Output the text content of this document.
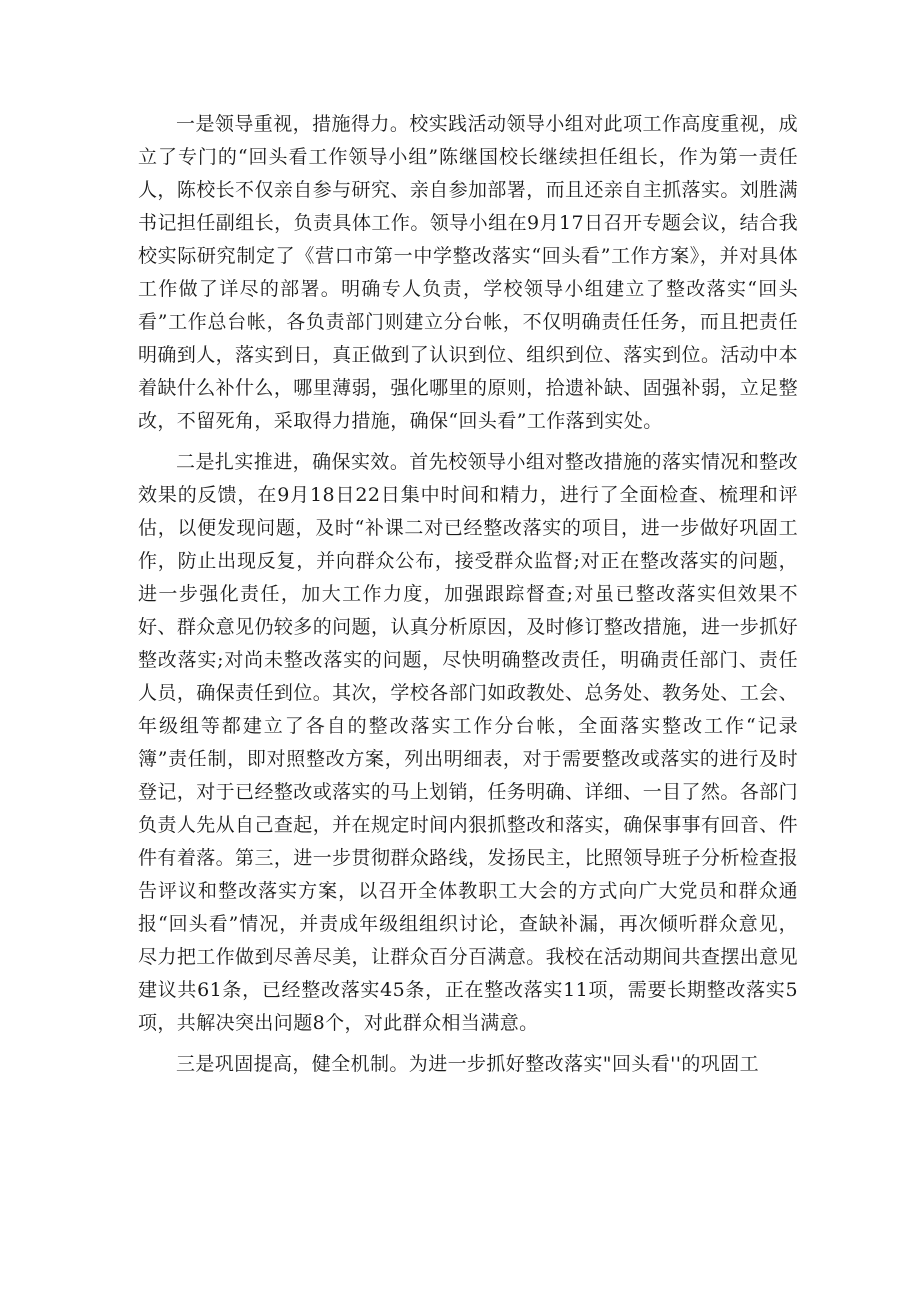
一是领导重视，措施得力。校实践活动领导小组对此项工作高度重视，成立了专门的“回头看工作领导小组”陈继国校长继续担任组长，作为第一责任人，陈校长不仅亲自参与研究、亲自参加部署，而且还亲自主抓落实。刘胜满书记担任副组长，负责具体工作。领导小组在9月17日召开专题会议，结合我校实际研究制定了《营口市第一中学整改落实“回头看”工作方案》，并对具体工作做了详尽的部署。明确专人负责，学校领导小组建立了整改落实“回头看”工作总台帐，各负责部门则建立分台帐，不仅明确责任任务，而且把责任明确到人，落实到日，真正做到了认识到位、组织到位、落实到位。活动中本着缺什么补什么，哪里薄弱，强化哪里的原则，拾遗补缺、固强补弱，立足整改，不留死角，采取得力措施，确保“回头看”工作落到实处。

二是扎实推进，确保实效。首先校领导小组对整改措施的落实情况和整改效果的反馈，在9月18日22日集中时间和精力，进行了全面检查、梳理和评估，以便发现问题，及时“补课二对已经整改落实的项目，进一步做好巩固工作，防止出现反复，并向群众公布，接受群众监督;对正在整改落实的问题，进一步强化责任，加大工作力度，加强跟踪督查;对虽已整改落实但效果不好、群众意见仍较多的问题，认真分析原因，及时修订整改措施，进一步抓好整改落实;对尚未整改落实的问题，尽快明确整改责任，明确责任部门、责任人员，确保责任到位。其次，学校各部门如政教处、总务处、教务处、工会、年级组等都建立了各自的整改落实工作分台帐，全面落实整改工作“记录簿”责任制，即对照整改方案，列出明细表，对于需要整改或落实的进行及时登记，对于已经整改或落实的马上划销，任务明确、详细、一目了然。各部门负责人先从自己查起，并在规定时间内狠抓整改和落实，确保事事有回音、件件有着落。第三，进一步贯彻群众路线，发扬民主，比照领导班子分析检查报告评议和整改落实方案，以召开全体教职工大会的方式向广大党员和群众通报“回头看”情况，并责成年级组组织讨论，查缺补漏，再次倾听群众意见，尽力把工作做到尽善尽美，让群众百分百满意。我校在活动期间共查摆出意见建议共61条，已经整改落实45条，正在整改落实11项，需要长期整改落实5项，共解决突出问题8个，对此群众相当满意。

三是巩固提高，健全机制。为进一步抓好整改落实"回头看''的巩固工
